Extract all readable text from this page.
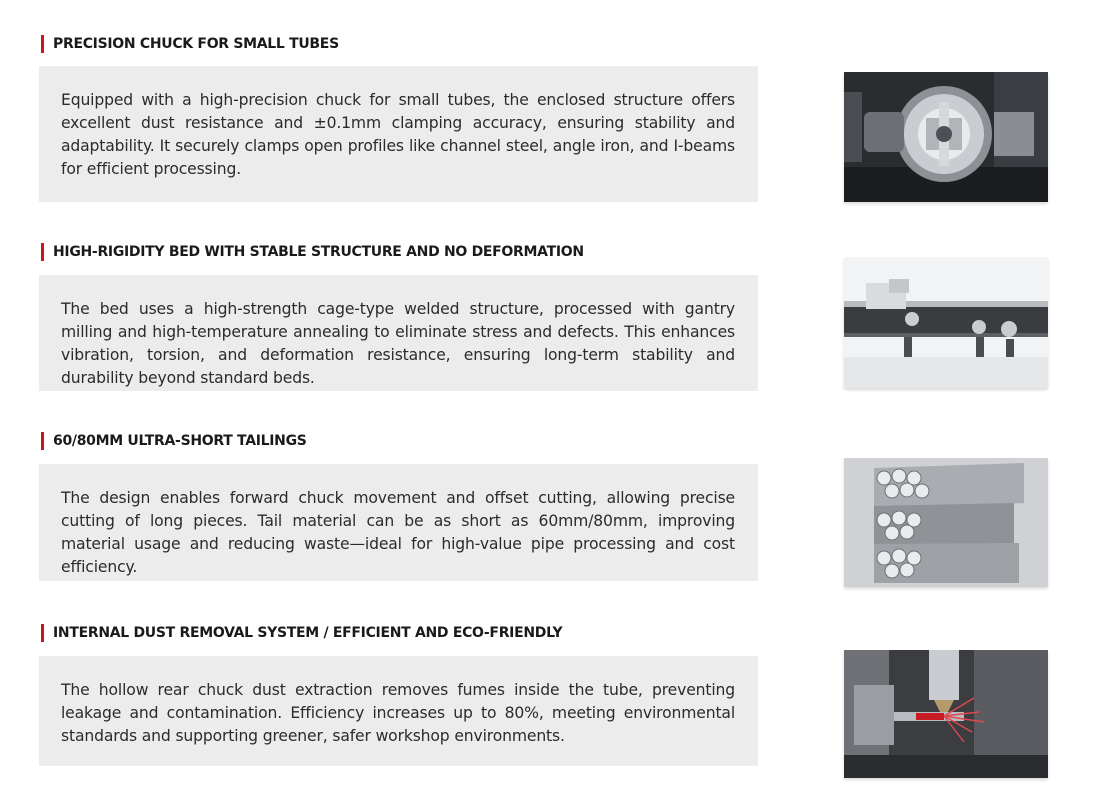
PRECISION CHUCK FOR SMALL TUBES

Equipped with a high-precision chuck for small tubes, the enclosed structure offers excellent dust resistance and ±0.1mm clamping accuracy, ensuring stability and adaptability. It securely clamps open profiles like channel steel, angle iron, and I-beams for efficient processing.

HIGH-RIGIDITY BED WITH STABLE STRUCTURE AND NO DEFORMATION

The bed uses a high-strength cage-type welded structure, processed with gantry milling and high-temperature annealing to eliminate stress and defects. This enhances vibration, torsion, and deformation resistance, ensuring long-term stability and durability beyond standard beds.

60/80MM ULTRA-SHORT TAILINGS

The design enables forward chuck movement and offset cutting, allowing precise cutting of long pieces. Tail material can be as short as 60mm/80mm, improving material usage and reducing waste—ideal for high-value pipe processing and cost efficiency.

INTERNAL DUST REMOVAL SYSTEM / EFFICIENT AND ECO-FRIENDLY

The hollow rear chuck dust extraction removes fumes inside the tube, preventing leakage and contamination. Efficiency increases up to 80%, meeting environmental standards and supporting greener, safer workshop environments.
